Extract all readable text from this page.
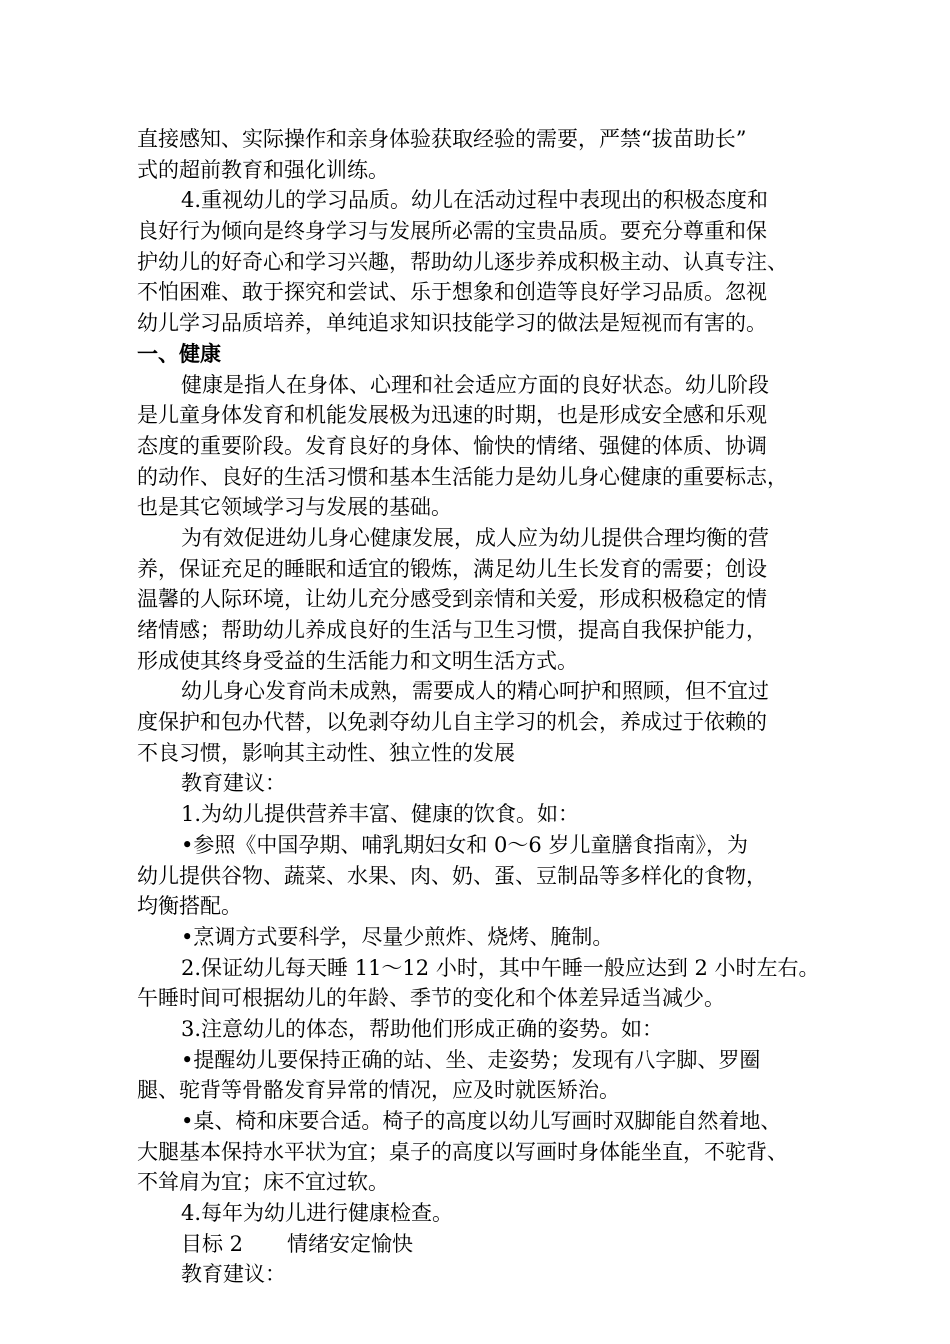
直接感知、实际操作和亲身体验获取经验的需要，严禁“拔苗助长”
式的超前教育和强化训练。
4.重视幼儿的学习品质。幼儿在活动过程中表现出的积极态度和
良好行为倾向是终身学习与发展所必需的宝贵品质。要充分尊重和保
护幼儿的好奇心和学习兴趣，帮助幼儿逐步养成积极主动、认真专注、
不怕困难、敢于探究和尝试、乐于想象和创造等良好学习品质。忽视
幼儿学习品质培养，单纯追求知识技能学习的做法是短视而有害的。
一、健康
健康是指人在身体、心理和社会适应方面的良好状态。幼儿阶段
是儿童身体发育和机能发展极为迅速的时期，也是形成安全感和乐观
态度的重要阶段。发育良好的身体、愉快的情绪、强健的体质、协调
的动作、良好的生活习惯和基本生活能力是幼儿身心健康的重要标志，
也是其它领域学习与发展的基础。
为有效促进幼儿身心健康发展，成人应为幼儿提供合理均衡的营
养，保证充足的睡眠和适宜的锻炼，满足幼儿生长发育的需要；创设
温馨的人际环境，让幼儿充分感受到亲情和关爱，形成积极稳定的情
绪情感；帮助幼儿养成良好的生活与卫生习惯，提高自我保护能力，
形成使其终身受益的生活能力和文明生活方式。
幼儿身心发育尚未成熟，需要成人的精心呵护和照顾，但不宜过
度保护和包办代替，以免剥夺幼儿自主学习的机会，养成过于依赖的
不良习惯，影响其主动性、独立性的发展
教育建议：
1.为幼儿提供营养丰富、健康的饮食。如：
•参照《中国孕期、哺乳期妇女和 0～6 岁儿童膳食指南》，为
幼儿提供谷物、蔬菜、水果、肉、奶、蛋、豆制品等多样化的食物，
均衡搭配。
•烹调方式要科学，尽量少煎炸、烧烤、腌制。
2.保证幼儿每天睡 11～12 小时，其中午睡一般应达到 2 小时左右。
午睡时间可根据幼儿的年龄、季节的变化和个体差异适当减少。
3.注意幼儿的体态，帮助他们形成正确的姿势。如：
•提醒幼儿要保持正确的站、坐、走姿势；发现有八字脚、罗圈
腿、驼背等骨骼发育异常的情况，应及时就医矫治。
•桌、椅和床要合适。椅子的高度以幼儿写画时双脚能自然着地、
大腿基本保持水平状为宜；桌子的高度以写画时身体能坐直，不驼背、
不耸肩为宜；床不宜过软。
4.每年为幼儿进行健康检查。
目标 2 情绪安定愉快
教育建议：
